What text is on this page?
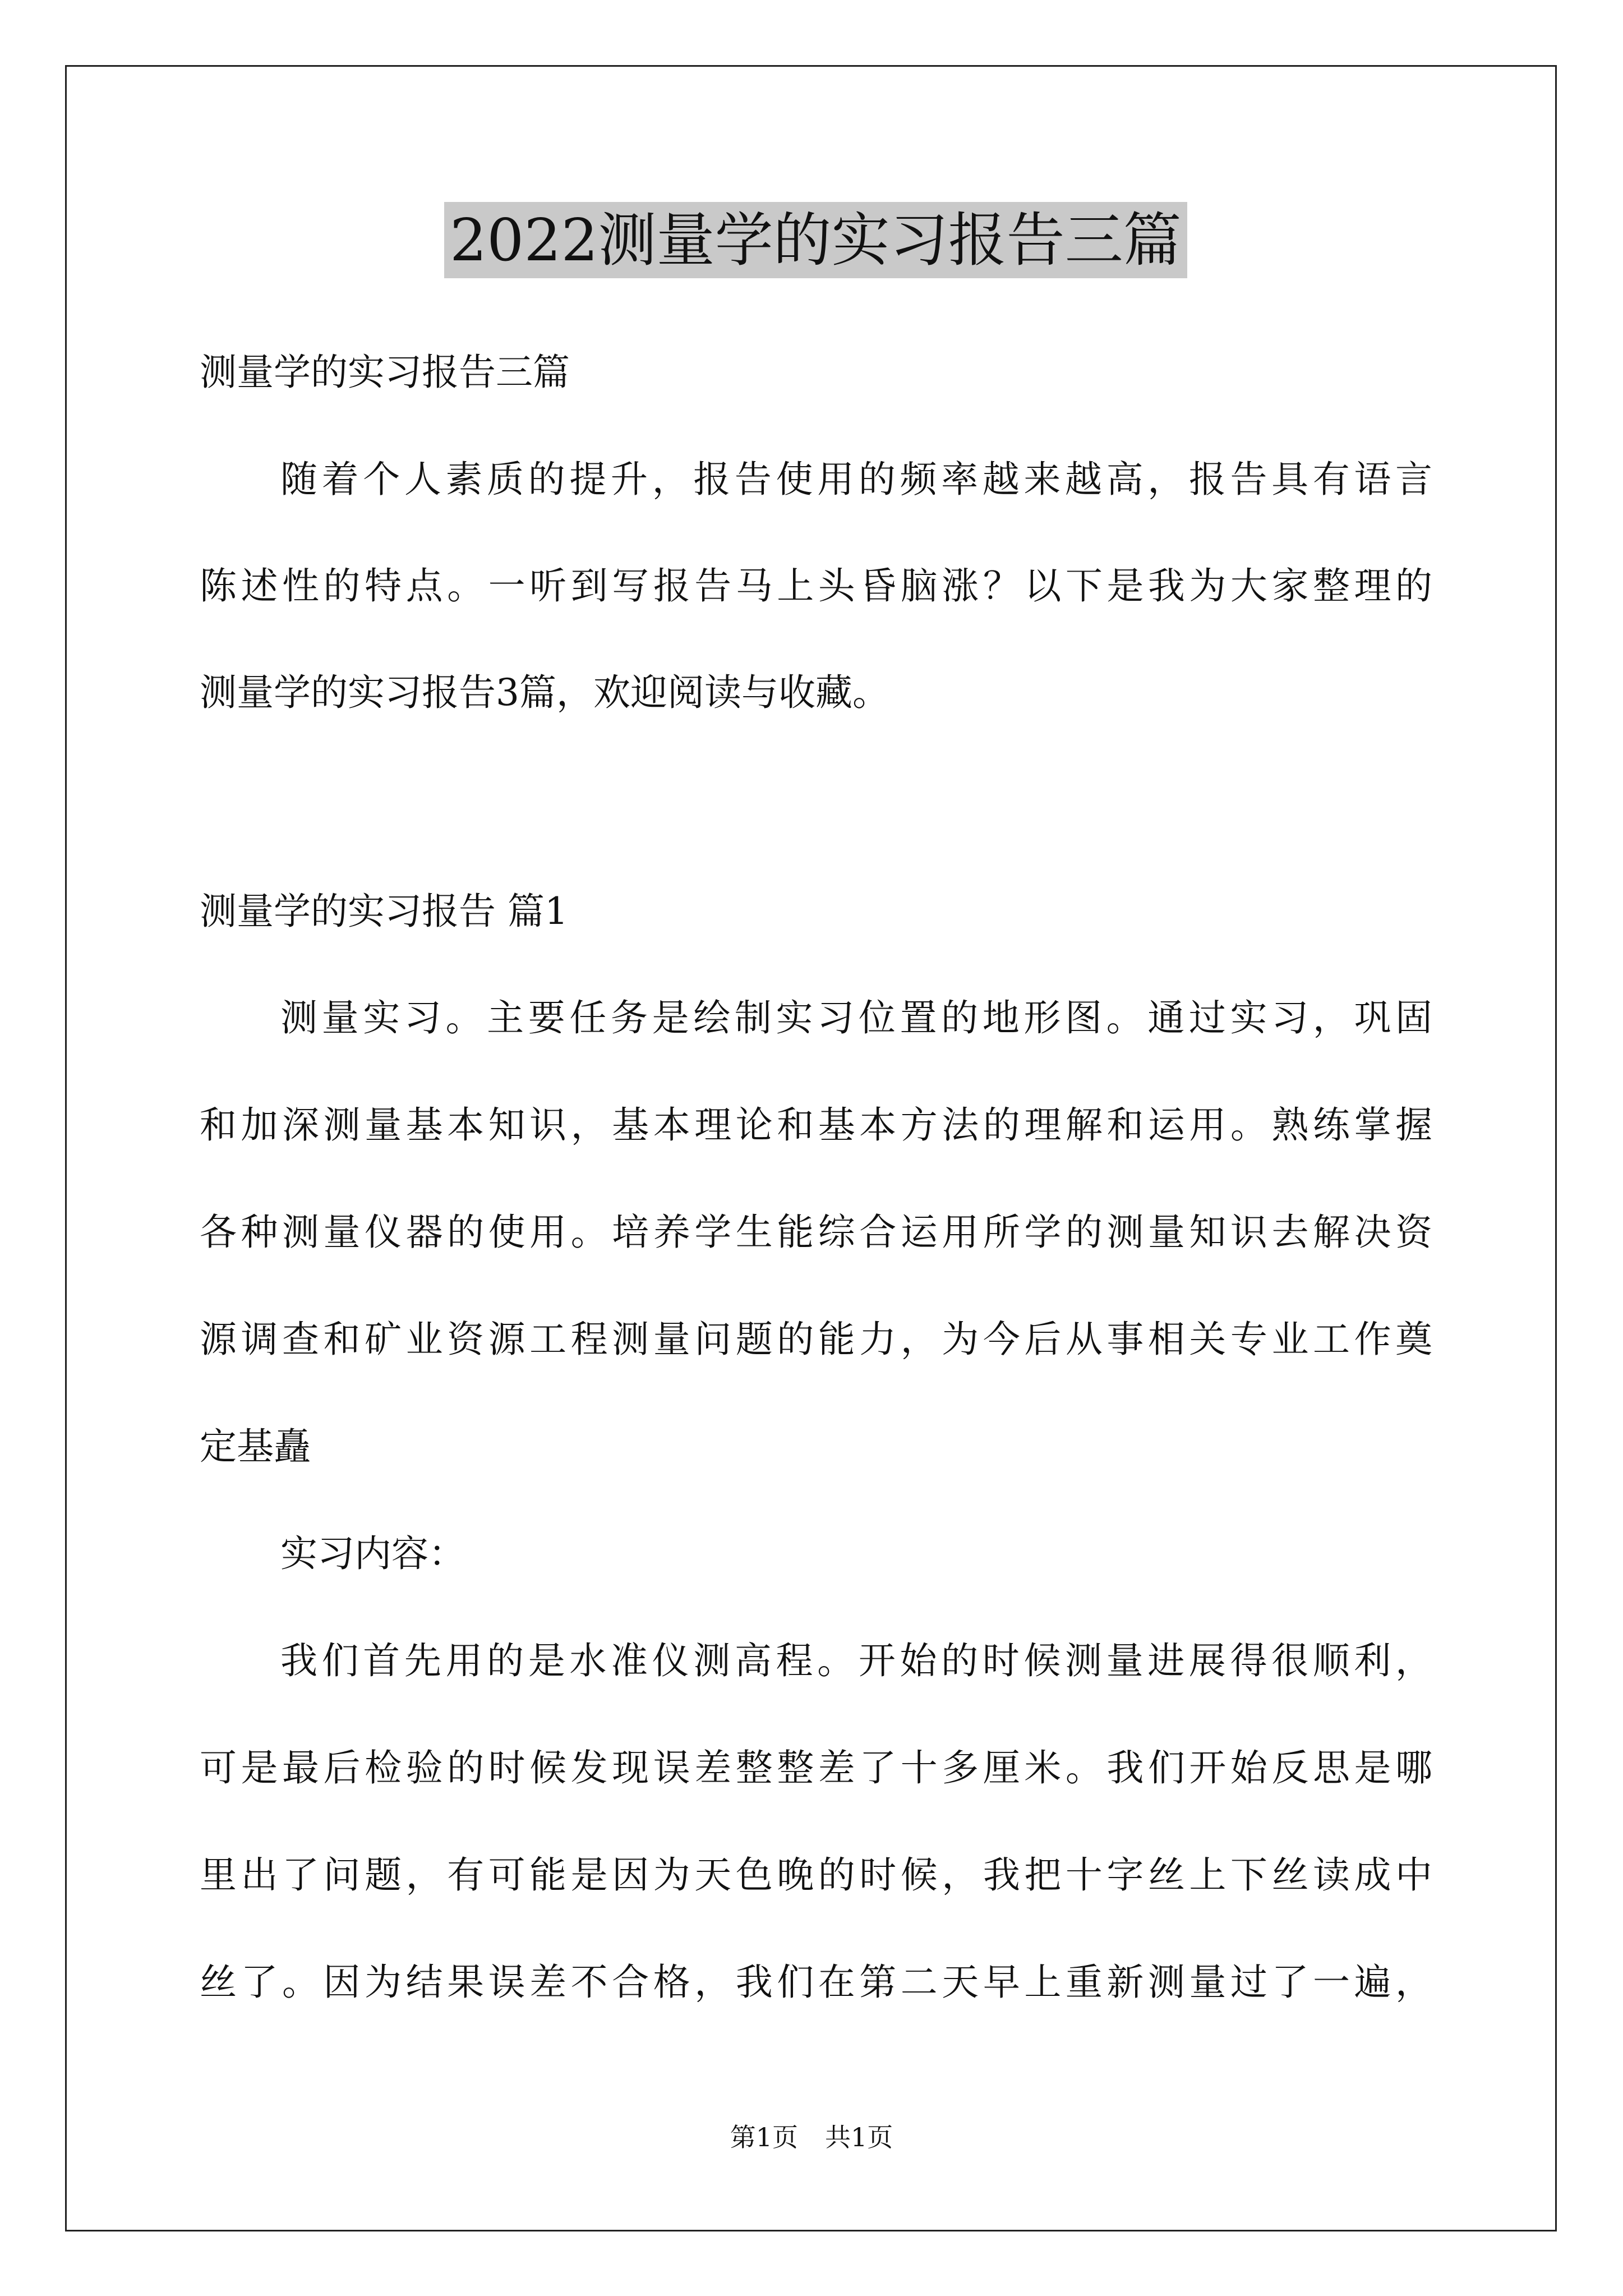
2022测量学的实习报告三篇
测量学的实习报告三篇
随着个人素质的提升，报告使用的频率越来越高，报告具有语言
陈述性的特点。一听到写报告马上头昏脑涨？以下是我为大家整理的
测量学的实习报告3篇，欢迎阅读与收藏。
测量学的实习报告 篇1
测量实习。主要任务是绘制实习位置的地形图。通过实习，巩固
和加深测量基本知识，基本理论和基本方法的理解和运用。熟练掌握
各种测量仪器的使用。培养学生能综合运用所学的测量知识去解决资
源调查和矿业资源工程测量问题的能力，为今后从事相关专业工作奠
定基矗
实习内容：
我们首先用的是水准仪测高程。开始的时候测量进展得很顺利，
可是最后检验的时候发现误差整整差了十多厘米。我们开始反思是哪
里出了问题，有可能是因为天色晚的时候，我把十字丝上下丝读成中
丝了。因为结果误差不合格，我们在第二天早上重新测量过了一遍，
第1页 共1页
